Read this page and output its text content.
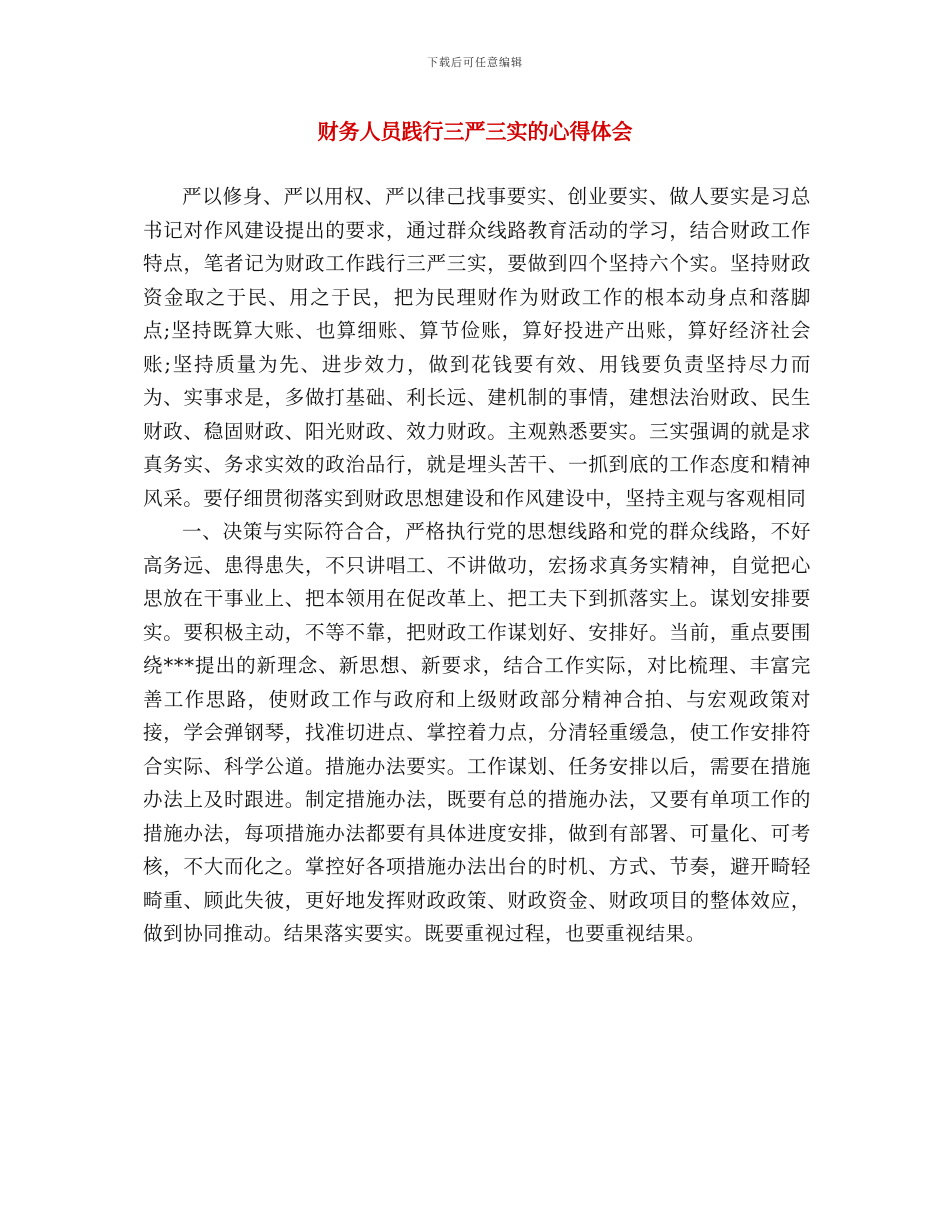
下载后可任意编辑
财务人员践行三严三实的心得体会

严以修身、严以用权、严以律己找事要实、创业要实、做人要实是习总书记对作风建设提出的要求，通过群众线路教育活动的学习，结合财政工作特点，笔者记为财政工作践行三严三实，要做到四个坚持六个实。坚持财政资金取之于民、用之于民，把为民理财作为财政工作的根本动身点和落脚点;坚持既算大账、也算细账、算节俭账，算好投进产出账，算好经济社会账;坚持质量为先、进步效力，做到花钱要有效、用钱要负责坚持尽力而为、实事求是，多做打基础、利长远、建机制的事情，建想法治财政、民生财政、稳固财政、阳光财政、效力财政。主观熟悉要实。三实强调的就是求真务实、务求实效的政治品行，就是埋头苦干、一抓到底的工作态度和精神风采。要仔细贯彻落实到财政思想建设和作风建设中，坚持主观与客观相同

一、决策与实际符合合，严格执行党的思想线路和党的群众线路，不好高务远、患得患失，不只讲唱工、不讲做功，宏扬求真务实精神，自觉把心思放在干事业上、把本领用在促改革上、把工夫下到抓落实上。谋划安排要实。要积极主动，不等不靠，把财政工作谋划好、安排好。当前，重点要围绕***提出的新理念、新思想、新要求，结合工作实际，对比梳理、丰富完善工作思路，使财政工作与政府和上级财政部分精神合拍、与宏观政策对接，学会弹钢琴，找准切进点、掌控着力点，分清轻重缓急，使工作安排符合实际、科学公道。措施办法要实。工作谋划、任务安排以后，需要在措施办法上及时跟进。制定措施办法，既要有总的措施办法，又要有单项工作的措施办法，每项措施办法都要有具体进度安排，做到有部署、可量化、可考核，不大而化之。掌控好各项措施办法出台的时机、方式、节奏，避开畸轻畸重、顾此失彼，更好地发挥财政政策、财政资金、财政项目的整体效应，做到协同推动。结果落实要实。既要重视过程，也要重视结果。
